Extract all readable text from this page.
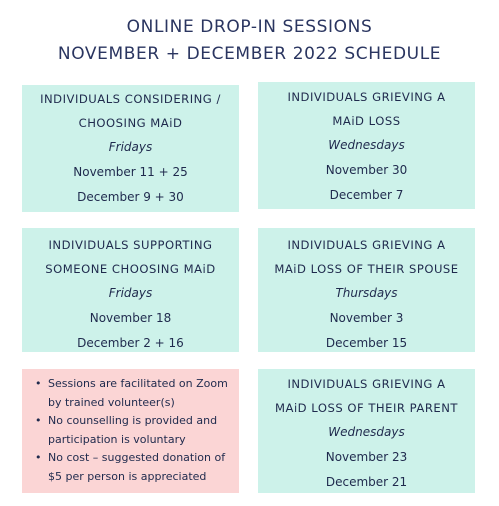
ONLINE DROP-IN SESSIONS
NOVEMBER + DECEMBER 2022 SCHEDULE
INDIVIDUALS CONSIDERING /
CHOOSING MAiD
Fridays
November 11 + 25
December 9 + 30
INDIVIDUALS GRIEVING A
MAiD LOSS
Wednesdays
November 30
December 7
INDIVIDUALS SUPPORTING
SOMEONE CHOOSING MAiD
Fridays
November 18
December 2 + 16
INDIVIDUALS GRIEVING A
MAiD LOSS OF THEIR SPOUSE
Thursdays
November 3
December 15
• Sessions are facilitated on Zoom
by trained volunteer(s)
• No counselling is provided and
participation is voluntary
• No cost – suggested donation of
$5 per person is appreciated
INDIVIDUALS GRIEVING A
MAiD LOSS OF THEIR PARENT
Wednesdays
November 23
December 21
